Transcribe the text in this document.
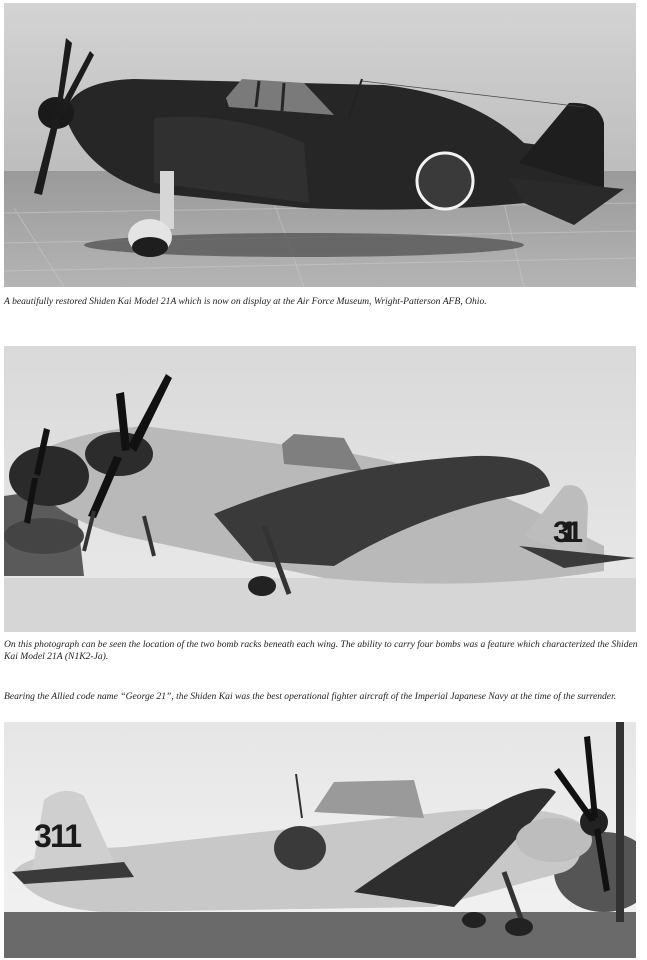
A beautifully restored Shiden Kai Model 21A which is now on display at the Air Force Museum, Wright-Patterson AFB, Ohio.

311

On this photograph can be seen the location of the two bomb racks beneath each wing. The ability to carry four bombs was a feature which characterized the Shiden Kai Model 21A (N1K2-Ja).

Bearing the Allied code name “George 21”, the Shiden Kai was the best operational fighter aircraft of the Imperial Japanese Navy at the time of the surrender.

311
